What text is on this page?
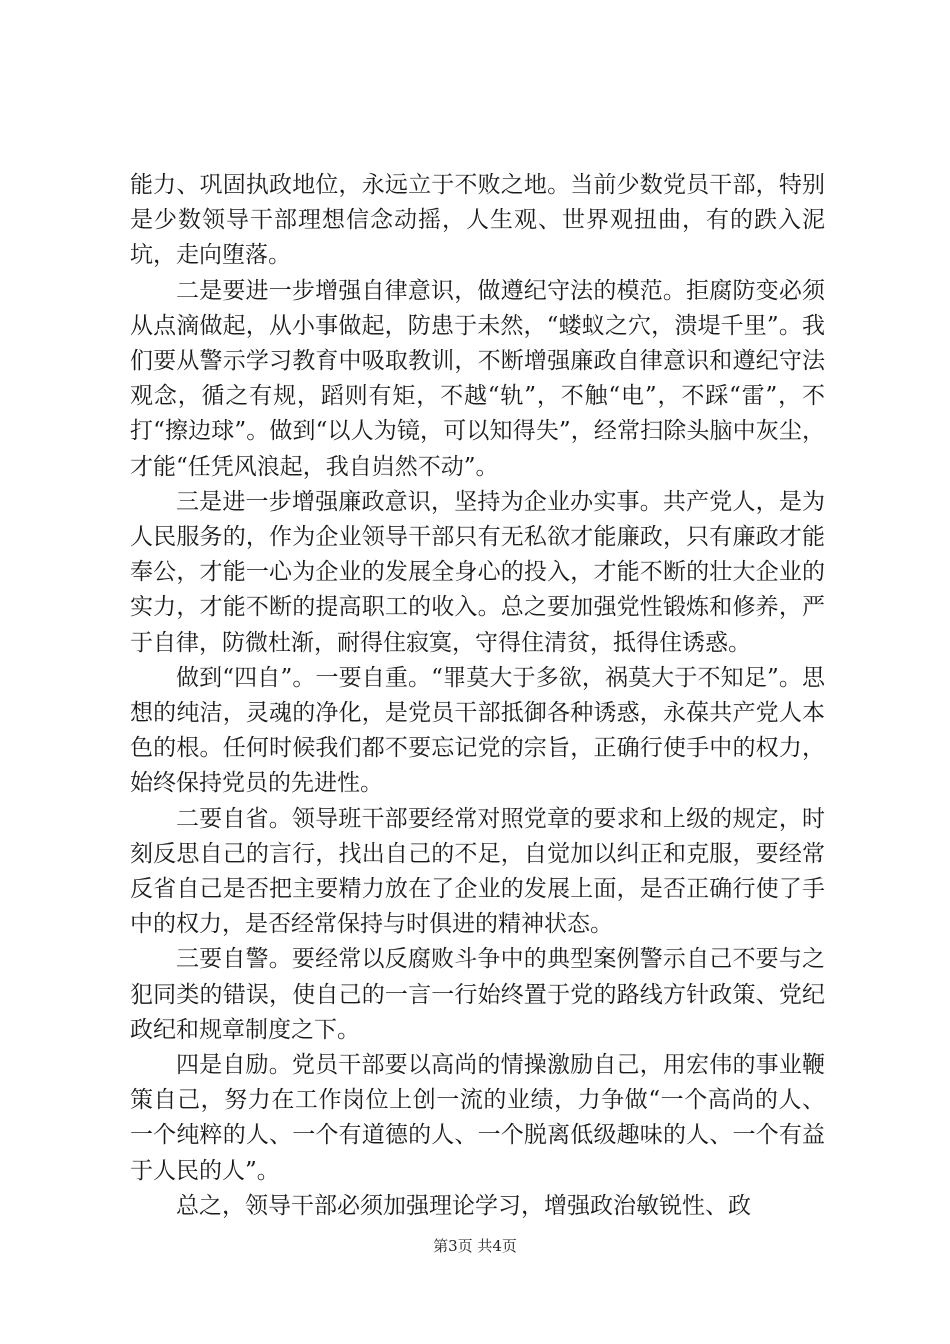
能力、巩固执政地位，永远立于不败之地。当前少数党员干部，特别是少数领导干部理想信念动摇，人生观、世界观扭曲，有的跌入泥坑，走向堕落。

二是要进一步增强自律意识，做遵纪守法的模范。拒腐防变必须从点滴做起，从小事做起，防患于未然，“蝼蚁之穴，溃堤千里”。我们要从警示学习教育中吸取教训，不断增强廉政自律意识和遵纪守法观念，循之有规，蹈则有矩，不越“轨”，不触“电”，不踩“雷”，不打“擦边球”。做到“以人为镜，可以知得失”，经常扫除头脑中灰尘，才能“任凭风浪起，我自岿然不动”。

三是进一步增强廉政意识，坚持为企业办实事。共产党人，是为人民服务的，作为企业领导干部只有无私欲才能廉政，只有廉政才能奉公，才能一心为企业的发展全身心的投入，才能不断的壮大企业的实力，才能不断的提高职工的收入。总之要加强党性锻炼和修养，严于自律，防微杜渐，耐得住寂寞，守得住清贫，抵得住诱惑。

做到“四自”。一要自重。“罪莫大于多欲，祸莫大于不知足”。思想的纯洁，灵魂的净化，是党员干部抵御各种诱惑，永葆共产党人本色的根。任何时候我们都不要忘记党的宗旨，正确行使手中的权力，始终保持党员的先进性。

二要自省。领导班干部要经常对照党章的要求和上级的规定，时刻反思自己的言行，找出自己的不足，自觉加以纠正和克服，要经常反省自己是否把主要精力放在了企业的发展上面，是否正确行使了手中的权力，是否经常保持与时俱进的精神状态。

三要自警。要经常以反腐败斗争中的典型案例警示自己不要与之犯同类的错误，使自己的一言一行始终置于党的路线方针政策、党纪政纪和规章制度之下。

四是自励。党员干部要以高尚的情操激励自己，用宏伟的事业鞭策自己，努力在工作岗位上创一流的业绩，力争做“一个高尚的人、一个纯粹的人、一个有道德的人、一个脱离低级趣味的人、一个有益于人民的人”。

总之，领导干部必须加强理论学习，增强政治敏锐性、政

第3页 共4页
